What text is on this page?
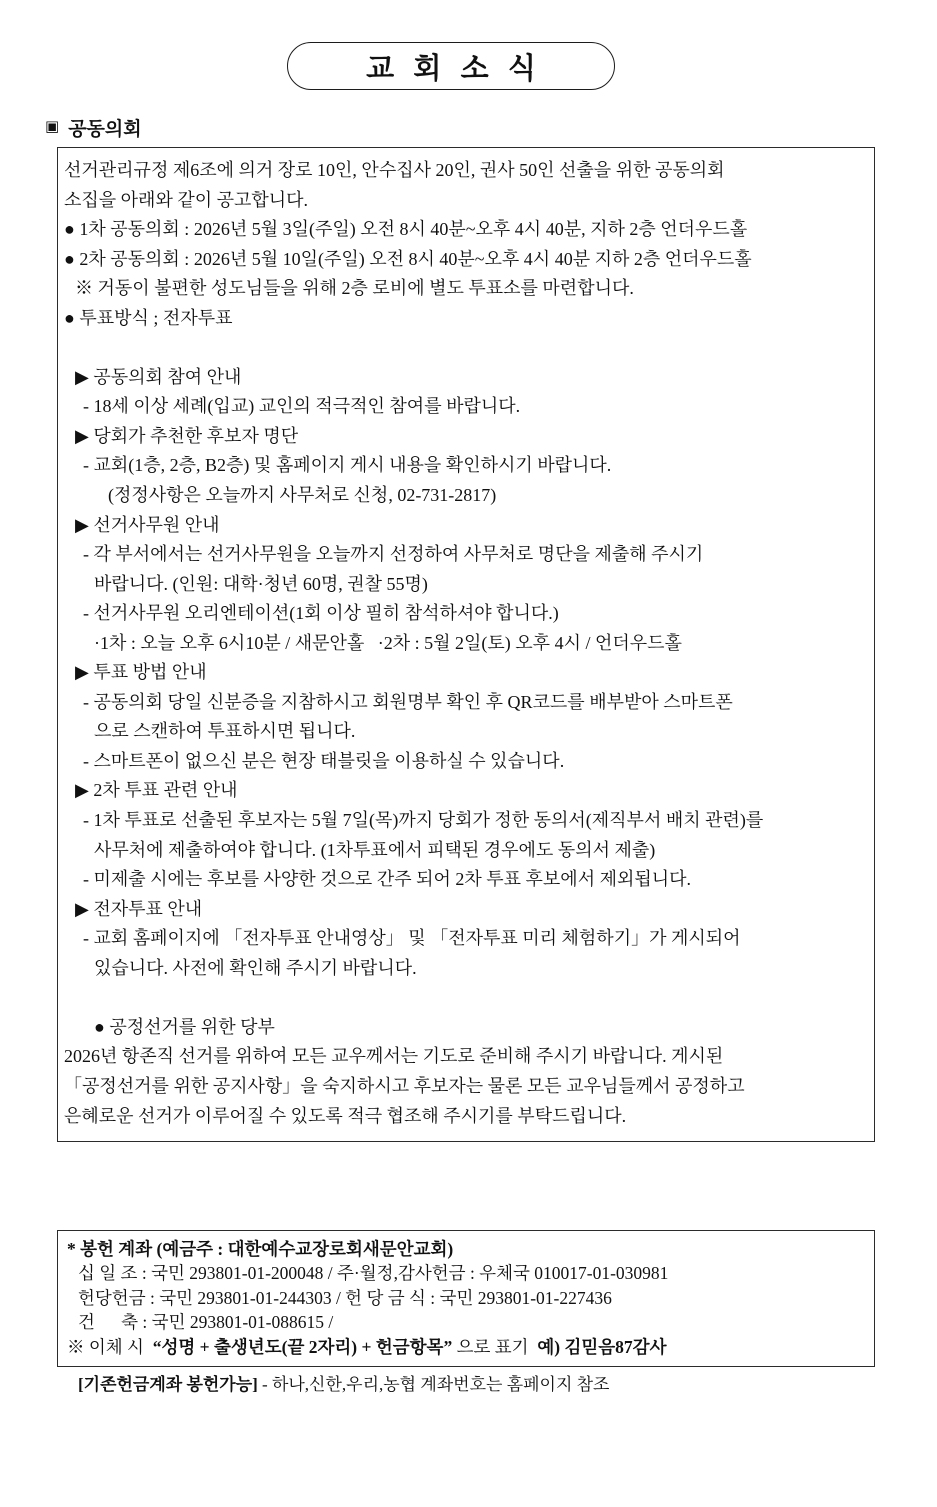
교 회 소 식
▣ 공동의회
선거관리규정 제6조에 의거 장로 10인, 안수집사 20인, 권사 50인 선출을 위한 공동의회
소집을 아래와 같이 공고합니다.
● 1차 공동의회 : 2026년 5월 3일(주일) 오전 8시 40분~오후 4시 40분, 지하 2층 언더우드홀
● 2차 공동의회 : 2026년 5월 10일(주일) 오전 8시 40분~오후 4시 40분 지하 2층 언더우드홀
※ 거동이 불편한 성도님들을 위해 2층 로비에 별도 투표소를 마련합니다.
● 투표방식 ; 전자투표
▶ 공동의회 참여 안내
- 18세 이상 세례(입교) 교인의 적극적인 참여를 바랍니다.
▶ 당회가 추천한 후보자 명단
- 교회(1층, 2층, B2층) 및 홈페이지 게시 내용을 확인하시기 바랍니다.
(정정사항은 오늘까지 사무처로 신청, 02-731-2817)
▶ 선거사무원 안내
- 각 부서에서는 선거사무원을 오늘까지 선정하여 사무처로 명단을 제출해 주시기
바랍니다. (인원: 대학·청년 60명, 권찰 55명)
- 선거사무원 오리엔테이션(1회 이상 필히 참석하셔야 합니다.)
·1차 : 오늘 오후 6시10분 / 새문안홀   ·2차 : 5월 2일(토) 오후 4시 / 언더우드홀
▶ 투표 방법 안내
- 공동의회 당일 신분증을 지참하시고 회원명부 확인 후 QR코드를 배부받아 스마트폰
으로 스캔하여 투표하시면 됩니다.
- 스마트폰이 없으신 분은 현장 태블릿을 이용하실 수 있습니다.
▶ 2차 투표 관련 안내
- 1차 투표로 선출된 후보자는 5월 7일(목)까지 당회가 정한 동의서(제직부서 배치 관련)를
사무처에 제출하여야 합니다. (1차투표에서 피택된 경우에도 동의서 제출)
- 미제출 시에는 후보를 사양한 것으로 간주 되어 2차 투표 후보에서 제외됩니다.
▶ 전자투표 안내
- 교회 홈페이지에 「전자투표 안내영상」 및 「전자투표 미리 체험하기」가 게시되어
있습니다. 사전에 확인해 주시기 바랍니다.
● 공정선거를 위한 당부
2026년 항존직 선거를 위하여 모든 교우께서는 기도로 준비해 주시기 바랍니다. 게시된
「공정선거를 위한 공지사항」을 숙지하시고 후보자는 물론 모든 교우님들께서 공정하고
은혜로운 선거가 이루어질 수 있도록 적극 협조해 주시기를 부탁드립니다.
* 봉헌 계좌 (예금주 : 대한예수교장로회새문안교회)
십 일 조 : 국민 293801-01-200048 / 주·월정,감사헌금 : 우체국 010017-01-030981
헌당헌금 : 국민 293801-01-244303 / 헌 당 금 식 : 국민 293801-01-227436
건      축 : 국민 293801-01-088615 /
※ 이체 시  “성명 + 출생년도(끝 2자리) + 헌금항목” 으로 표기  예) 김믿음87감사
[기존헌금계좌 봉헌가능] - 하나,신한,우리,농협 계좌번호는 홈페이지 참조
